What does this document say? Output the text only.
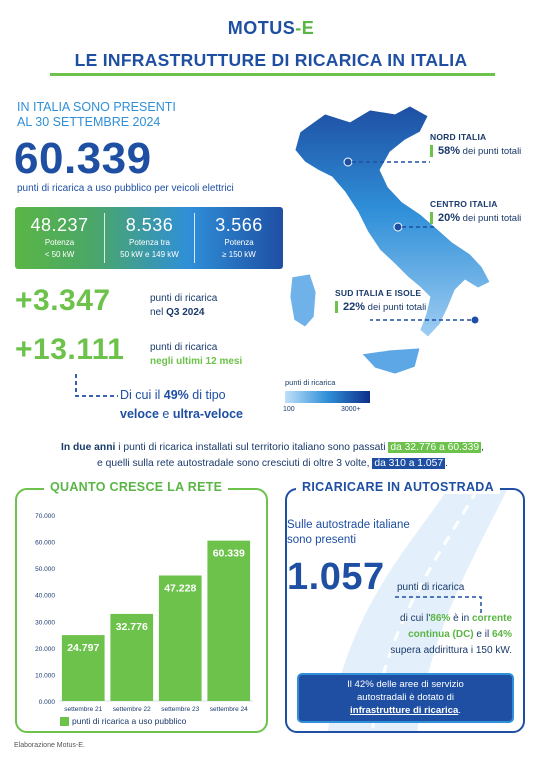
MOTUS-E
LE INFRASTRUTTURE DI RICARICA IN ITALIA
IN ITALIA SONO PRESENTI
AL 30 SETTEMBRE 2024
60.339
punti di ricarica a uso pubblico per veicoli elettrici
48.237
Potenza
< 50 kW
8.536
Potenza tra
50 kW e 149 kW
3.566
Potenza
≥ 150 kW
+3.347	punti di ricarica
nel Q3 2024
+13.111	punti di ricarica
negli ultimi 12 mesi
Di cui il 49% di tipo
veloce e ultra-veloce
NORD ITALIA
58% dei punti totali
CENTRO ITALIA
20% dei punti totali
SUD ITALIA E ISOLE
22% dei punti totali
punti di ricarica
100	3000+
In due anni i punti di ricarica installati sul territorio italiano sono passati da 32.776 a 60.339 ,
e quelli sulla rete autostradale sono cresciuti di oltre 3 volte, da 310 a 1.057 .
QUANTO CRESCE LA RETE
0.000
10.000
20.000
30.000
40.000
50.000
60.000
70.000
24.797
settembre 21
32.776
settembre 22
47.228
settembre 23
60.339
settembre 24
punti di ricarica a uso pubblico
RICARICARE IN AUTOSTRADA
Sulle autostrade italiane
sono presenti
1.057 punti di ricarica
di cui l'86% è in corrente
continua (DC) e il 64%
supera addirittura i 150 kW.
Il 42% delle aree di servizio
autostradali è dotato di
infrastrutture di ricarica.
Elaborazione Motus-E.
